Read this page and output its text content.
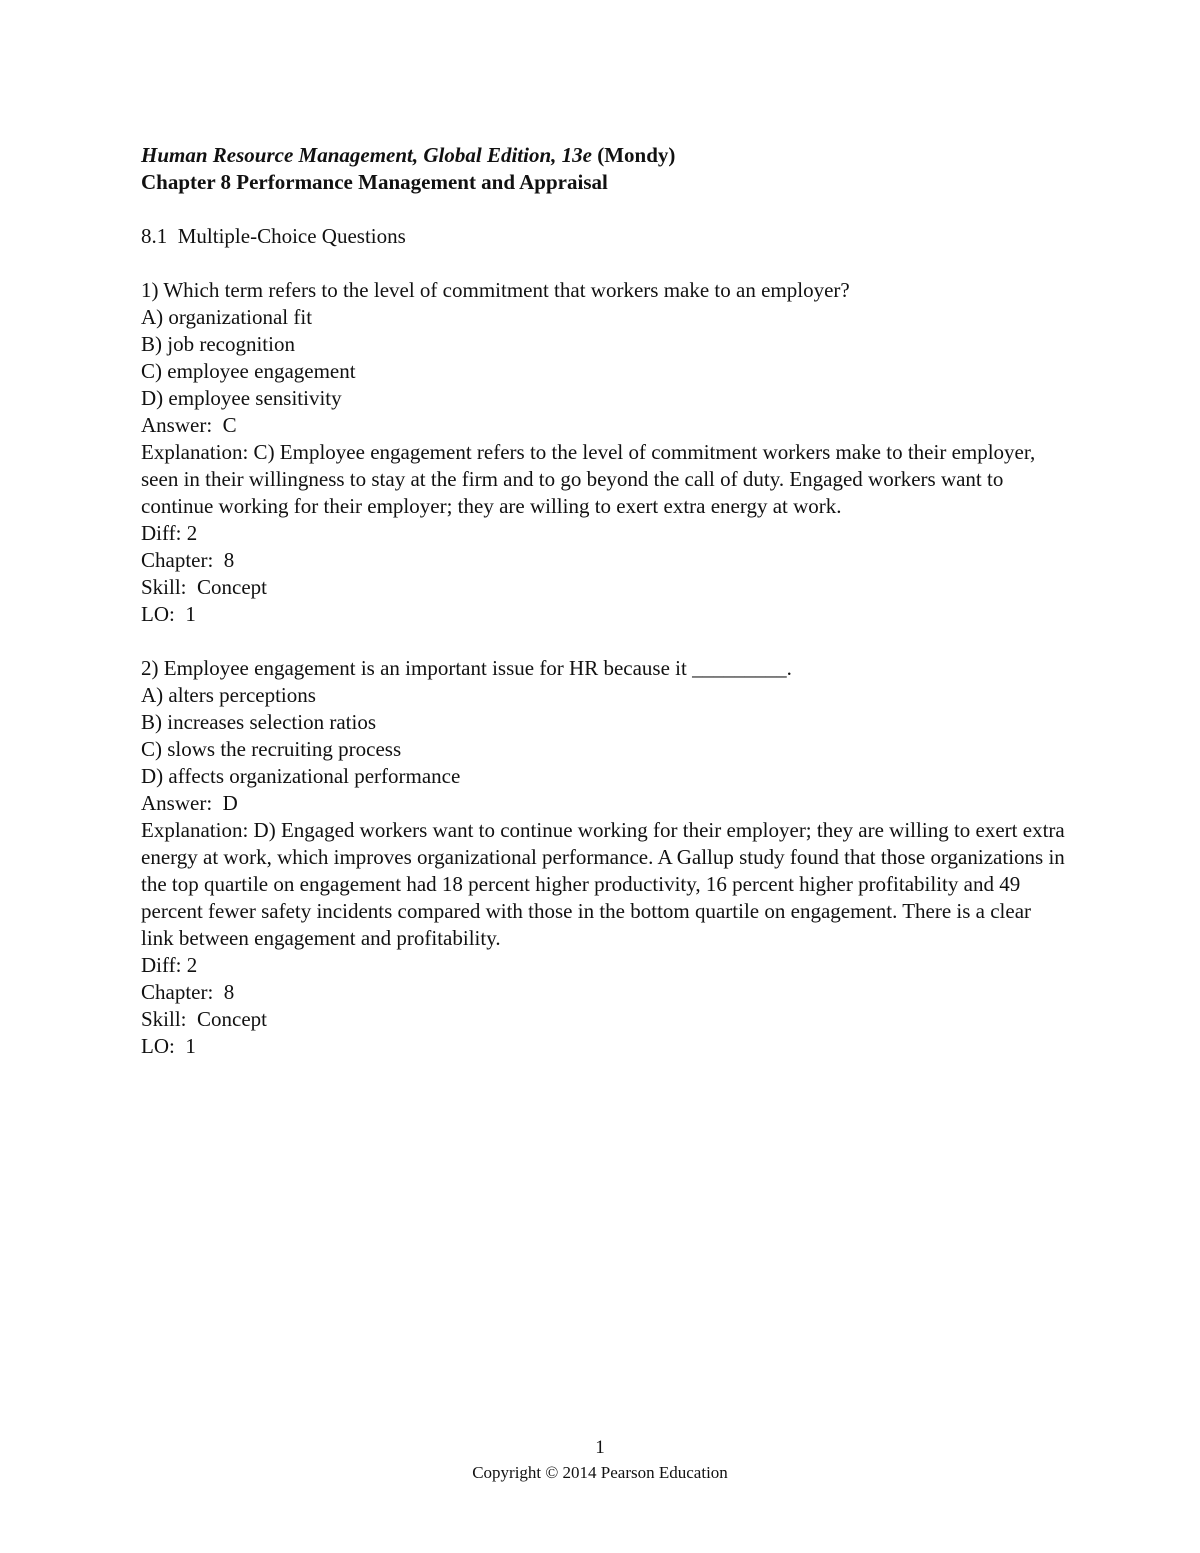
Human Resource Management, Global Edition, 13e (Mondy)
Chapter 8 Performance Management and Appraisal
8.1  Multiple-Choice Questions
1) Which term refers to the level of commitment that workers make to an employer?
A) organizational fit
B) job recognition
C) employee engagement
D) employee sensitivity
Answer:  C
Explanation: C) Employee engagement refers to the level of commitment workers make to their employer, seen in their willingness to stay at the firm and to go beyond the call of duty. Engaged workers want to continue working for their employer; they are willing to exert extra energy at work.
Diff: 2
Chapter:  8
Skill:  Concept
LO:  1
2) Employee engagement is an important issue for HR because it _________.
A) alters perceptions
B) increases selection ratios
C) slows the recruiting process
D) affects organizational performance
Answer:  D
Explanation: D) Engaged workers want to continue working for their employer; they are willing to exert extra energy at work, which improves organizational performance. A Gallup study found that those organizations in the top quartile on engagement had 18 percent higher productivity, 16 percent higher profitability and 49 percent fewer safety incidents compared with those in the bottom quartile on engagement. There is a clear link between engagement and profitability.
Diff: 2
Chapter:  8
Skill:  Concept
LO:  1
1
Copyright © 2014 Pearson Education
